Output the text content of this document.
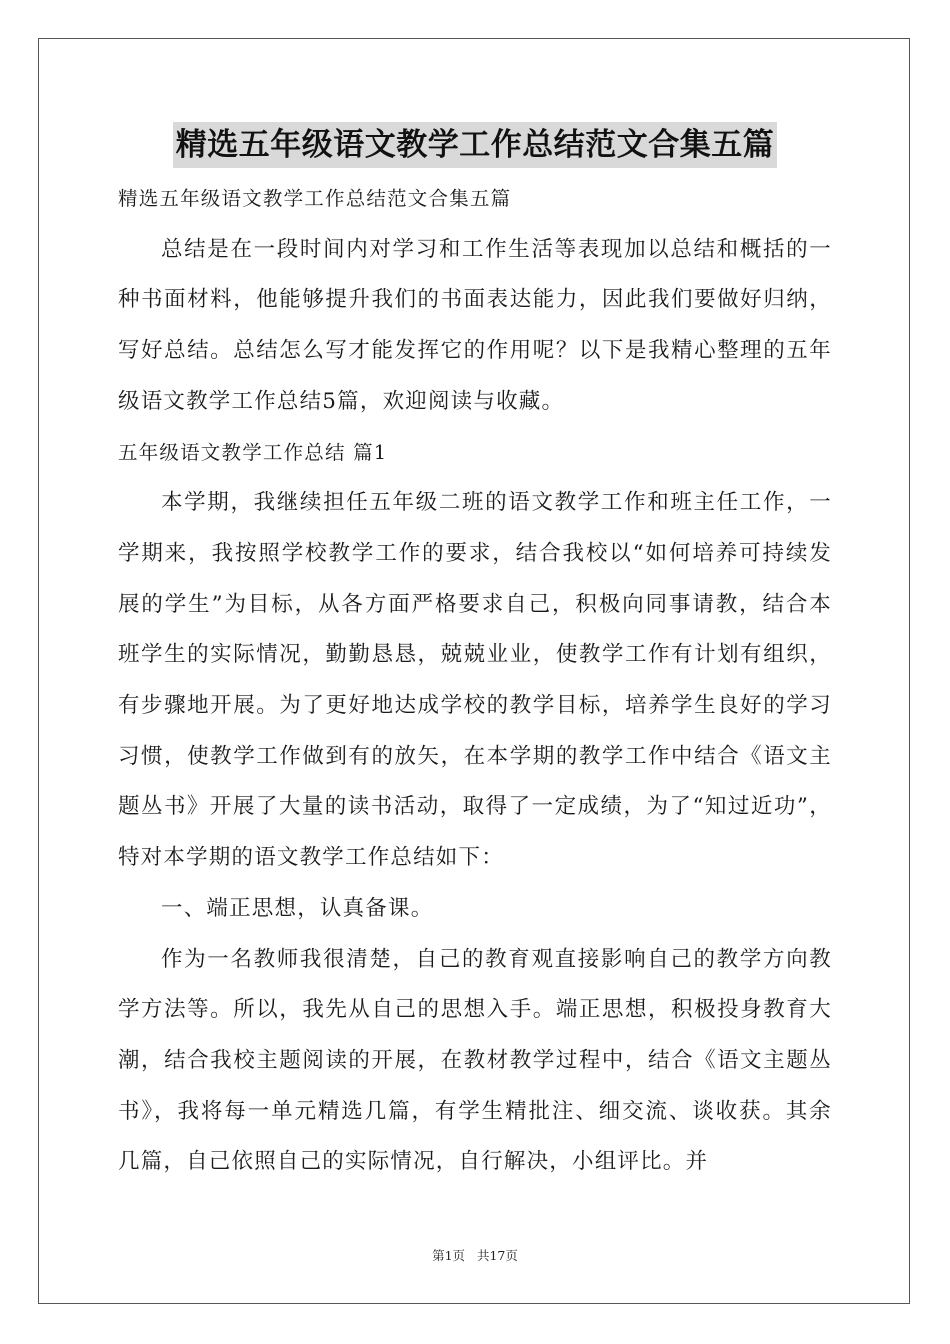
精选五年级语文教学工作总结范文合集五篇

精选五年级语文教学工作总结范文合集五篇

总结是在一段时间内对学习和工作生活等表现加以总结和概括的一种书面材料，他能够提升我们的书面表达能力，因此我们要做好归纳，写好总结。总结怎么写才能发挥它的作用呢？以下是我精心整理的五年级语文教学工作总结5篇，欢迎阅读与收藏。

五年级语文教学工作总结 篇1

本学期，我继续担任五年级二班的语文教学工作和班主任工作，一学期来，我按照学校教学工作的要求，结合我校以“如何培养可持续发展的学生”为目标，从各方面严格要求自己，积极向同事请教，结合本班学生的实际情况，勤勤恳恳，兢兢业业，使教学工作有计划有组织，有步骤地开展。为了更好地达成学校的教学目标，培养学生良好的学习习惯，使教学工作做到有的放矢，在本学期的教学工作中结合《语文主题丛书》开展了大量的读书活动，取得了一定成绩，为了“知过近功”，特对本学期的语文教学工作总结如下：

一、端正思想，认真备课。

作为一名教师我很清楚，自己的教育观直接影响自己的教学方向教学方法等。所以，我先从自己的思想入手。端正思想，积极投身教育大潮，结合我校主题阅读的开展，在教材教学过程中，结合《语文主题丛书》，我将每一单元精选几篇，有学生精批注、细交流、谈收获。其余几篇，自己依照自己的实际情况，自行解决，小组评比。并

第1页 共17页
